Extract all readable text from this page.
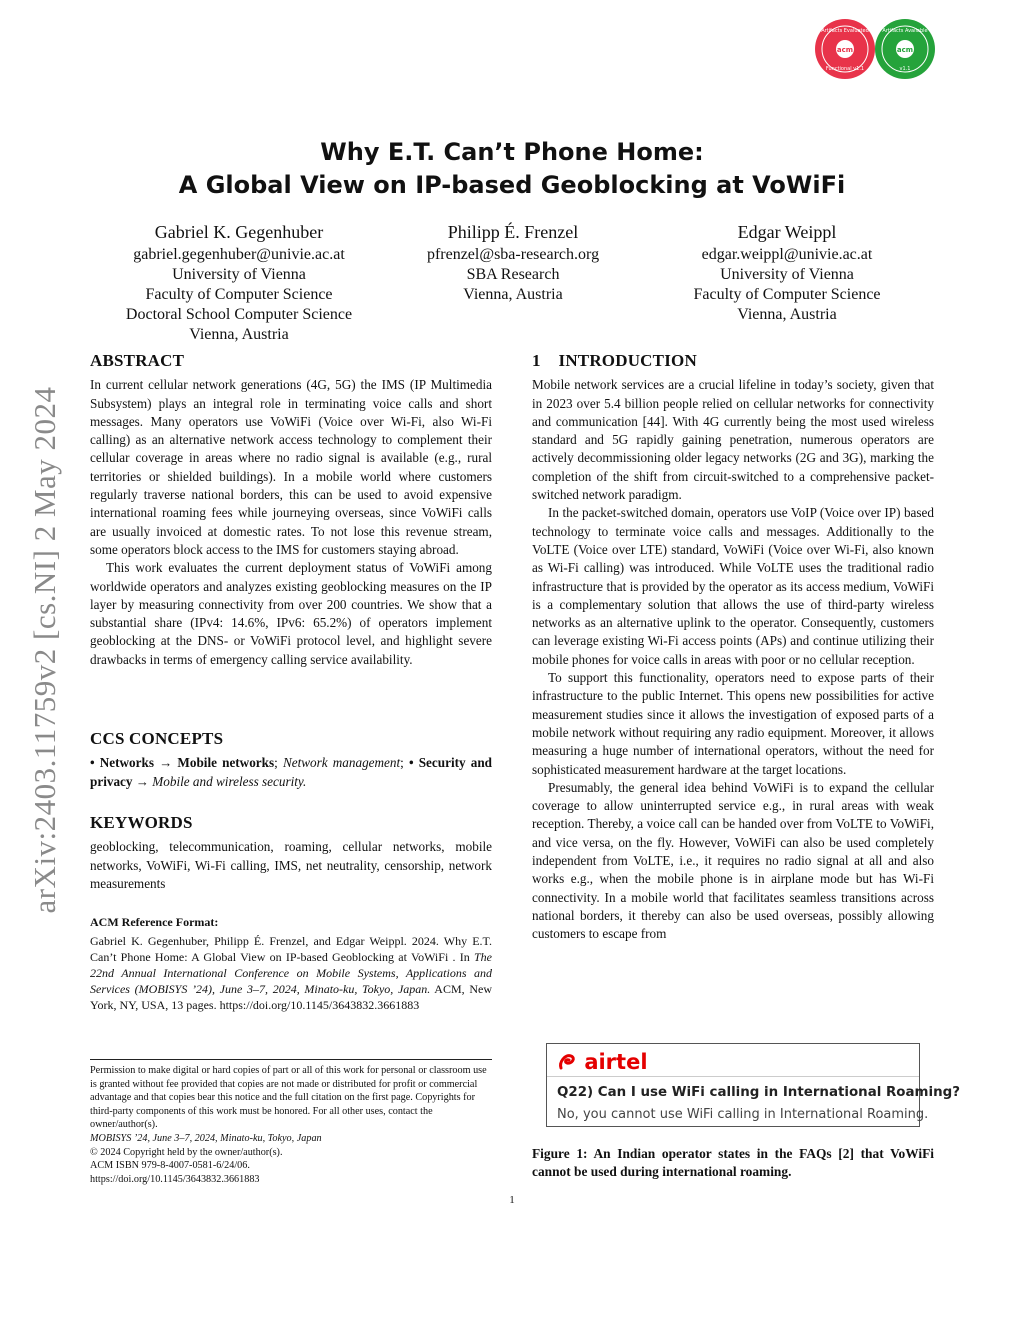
arXiv:2403.11759v2 [cs.NI] 2 May 2024
acm
Artifacts Evaluated
Functional v1.1
acm
Artifacts Available
v1.1
Why E.T. Can’t Phone Home:
A Global View on IP-based Geoblocking at VoWiFi
Gabriel K. Gegenhuber
gabriel.gegenhuber@univie.ac.at
University of Vienna
Faculty of Computer Science
Doctoral School Computer Science
Vienna, Austria
Philipp É. Frenzel
pfrenzel@sba-research.org
SBA Research
Vienna, Austria
Edgar Weippl
edgar.weippl@univie.ac.at
University of Vienna
Faculty of Computer Science
Vienna, Austria
ABSTRACT

In current cellular network generations (4G, 5G) the IMS (IP Multimedia Subsystem) plays an integral role in terminating voice calls and short messages. Many operators use VoWiFi (Voice over Wi-Fi, also Wi-Fi calling) as an alternative network access technology to complement their cellular coverage in areas where no radio signal is available (e.g., rural territories or shielded buildings). In a mobile world where customers regularly traverse national borders, this can be used to avoid expensive international roaming fees while journeying overseas, since VoWiFi calls are usually invoiced at domestic rates. To not lose this revenue stream, some operators block access to the IMS for customers staying abroad.

This work evaluates the current deployment status of VoWiFi among worldwide operators and analyzes existing geoblocking measures on the IP layer by measuring connectivity from over 200 countries. We show that a substantial share (IPv4: 14.6%, IPv6: 65.2%) of operators implement geoblocking at the DNS- or VoWiFi protocol level, and highlight severe drawbacks in terms of emergency calling service availability.

CCS CONCEPTS

• Networks → Mobile networks; Network management; • Security and privacy → Mobile and wireless security.

KEYWORDS

geoblocking, telecommunication, roaming, cellular networks, mobile networks, VoWiFi, Wi-Fi calling, IMS, net neutrality, censorship, network measurements

ACM Reference Format:

Gabriel K. Gegenhuber, Philipp É. Frenzel, and Edgar Weippl. 2024. Why E.T. Can’t Phone Home: A Global View on IP-based Geoblocking at VoWiFi . In The 22nd Annual International Conference on Mobile Systems, Applications and Services (MOBISYS ’24), June 3–7, 2024, Minato-ku, Tokyo, Japan. ACM, New York, NY, USA, 13 pages. https://doi.org/10.1145/3643832.3661883

Permission to make digital or hard copies of part or all of this work for personal or classroom use is granted without fee provided that copies are not made or distributed for profit or commercial advantage and that copies bear this notice and the full citation on the first page. Copyrights for third-party components of this work must be honored. For all other uses, contact the owner/author(s).
MOBISYS ’24, June 3–7, 2024, Minato-ku, Tokyo, Japan
© 2024 Copyright held by the owner/author(s).
ACM ISBN 979-8-4007-0581-6/24/06.
https://doi.org/10.1145/3643832.3661883
1    INTRODUCTION

Mobile network services are a crucial lifeline in today’s society, given that in 2023 over 5.4 billion people relied on cellular networks for connectivity and communication [44]. With 4G currently being the most used wireless standard and 5G rapidly gaining penetration, numerous operators are actively decommissioning older legacy networks (2G and 3G), marking the completion of the shift from circuit-switched to a comprehensive packet-switched network paradigm.

In the packet-switched domain, operators use VoIP (Voice over IP) based technology to terminate voice calls and messages. Additionally to the VoLTE (Voice over LTE) standard, VoWiFi (Voice over Wi-Fi, also known as Wi-Fi calling) was introduced. While VoLTE uses the traditional radio infrastructure that is provided by the operator as its access medium, VoWiFi is a complementary solution that allows the use of third-party wireless networks as an alternative uplink to the operator. Consequently, customers can leverage existing Wi-Fi access points (APs) and continue utilizing their mobile phones for voice calls in areas with poor or no cellular reception.

To support this functionality, operators need to expose parts of their infrastructure to the public Internet. This opens new possibilities for active measurement studies since it allows the investigation of exposed parts of a mobile network without requiring any radio equipment. Moreover, it allows measuring a huge number of international operators, without the need for sophisticated measurement hardware at the target locations.

Presumably, the general idea behind VoWiFi is to expand the cellular coverage to allow uninterrupted service e.g., in rural areas with weak reception. Thereby, a voice call can be handed over from VoLTE to VoWiFi, and vice versa, on the fly. However, VoWiFi can also be used completely independent from VoLTE, i.e., it requires no radio signal at all and also works e.g., when the mobile phone is in airplane mode but has Wi-Fi connectivity. In a mobile world that facilitates seamless transitions across national borders, it thereby can also be used overseas, possibly allowing customers to escape from

airtel
Q22) Can I use WiFi calling in International Roaming?
No, you cannot use WiFi calling in International Roaming.
Figure 1: An Indian operator states in the FAQs [2] that VoWiFi cannot be used during international roaming.
1
